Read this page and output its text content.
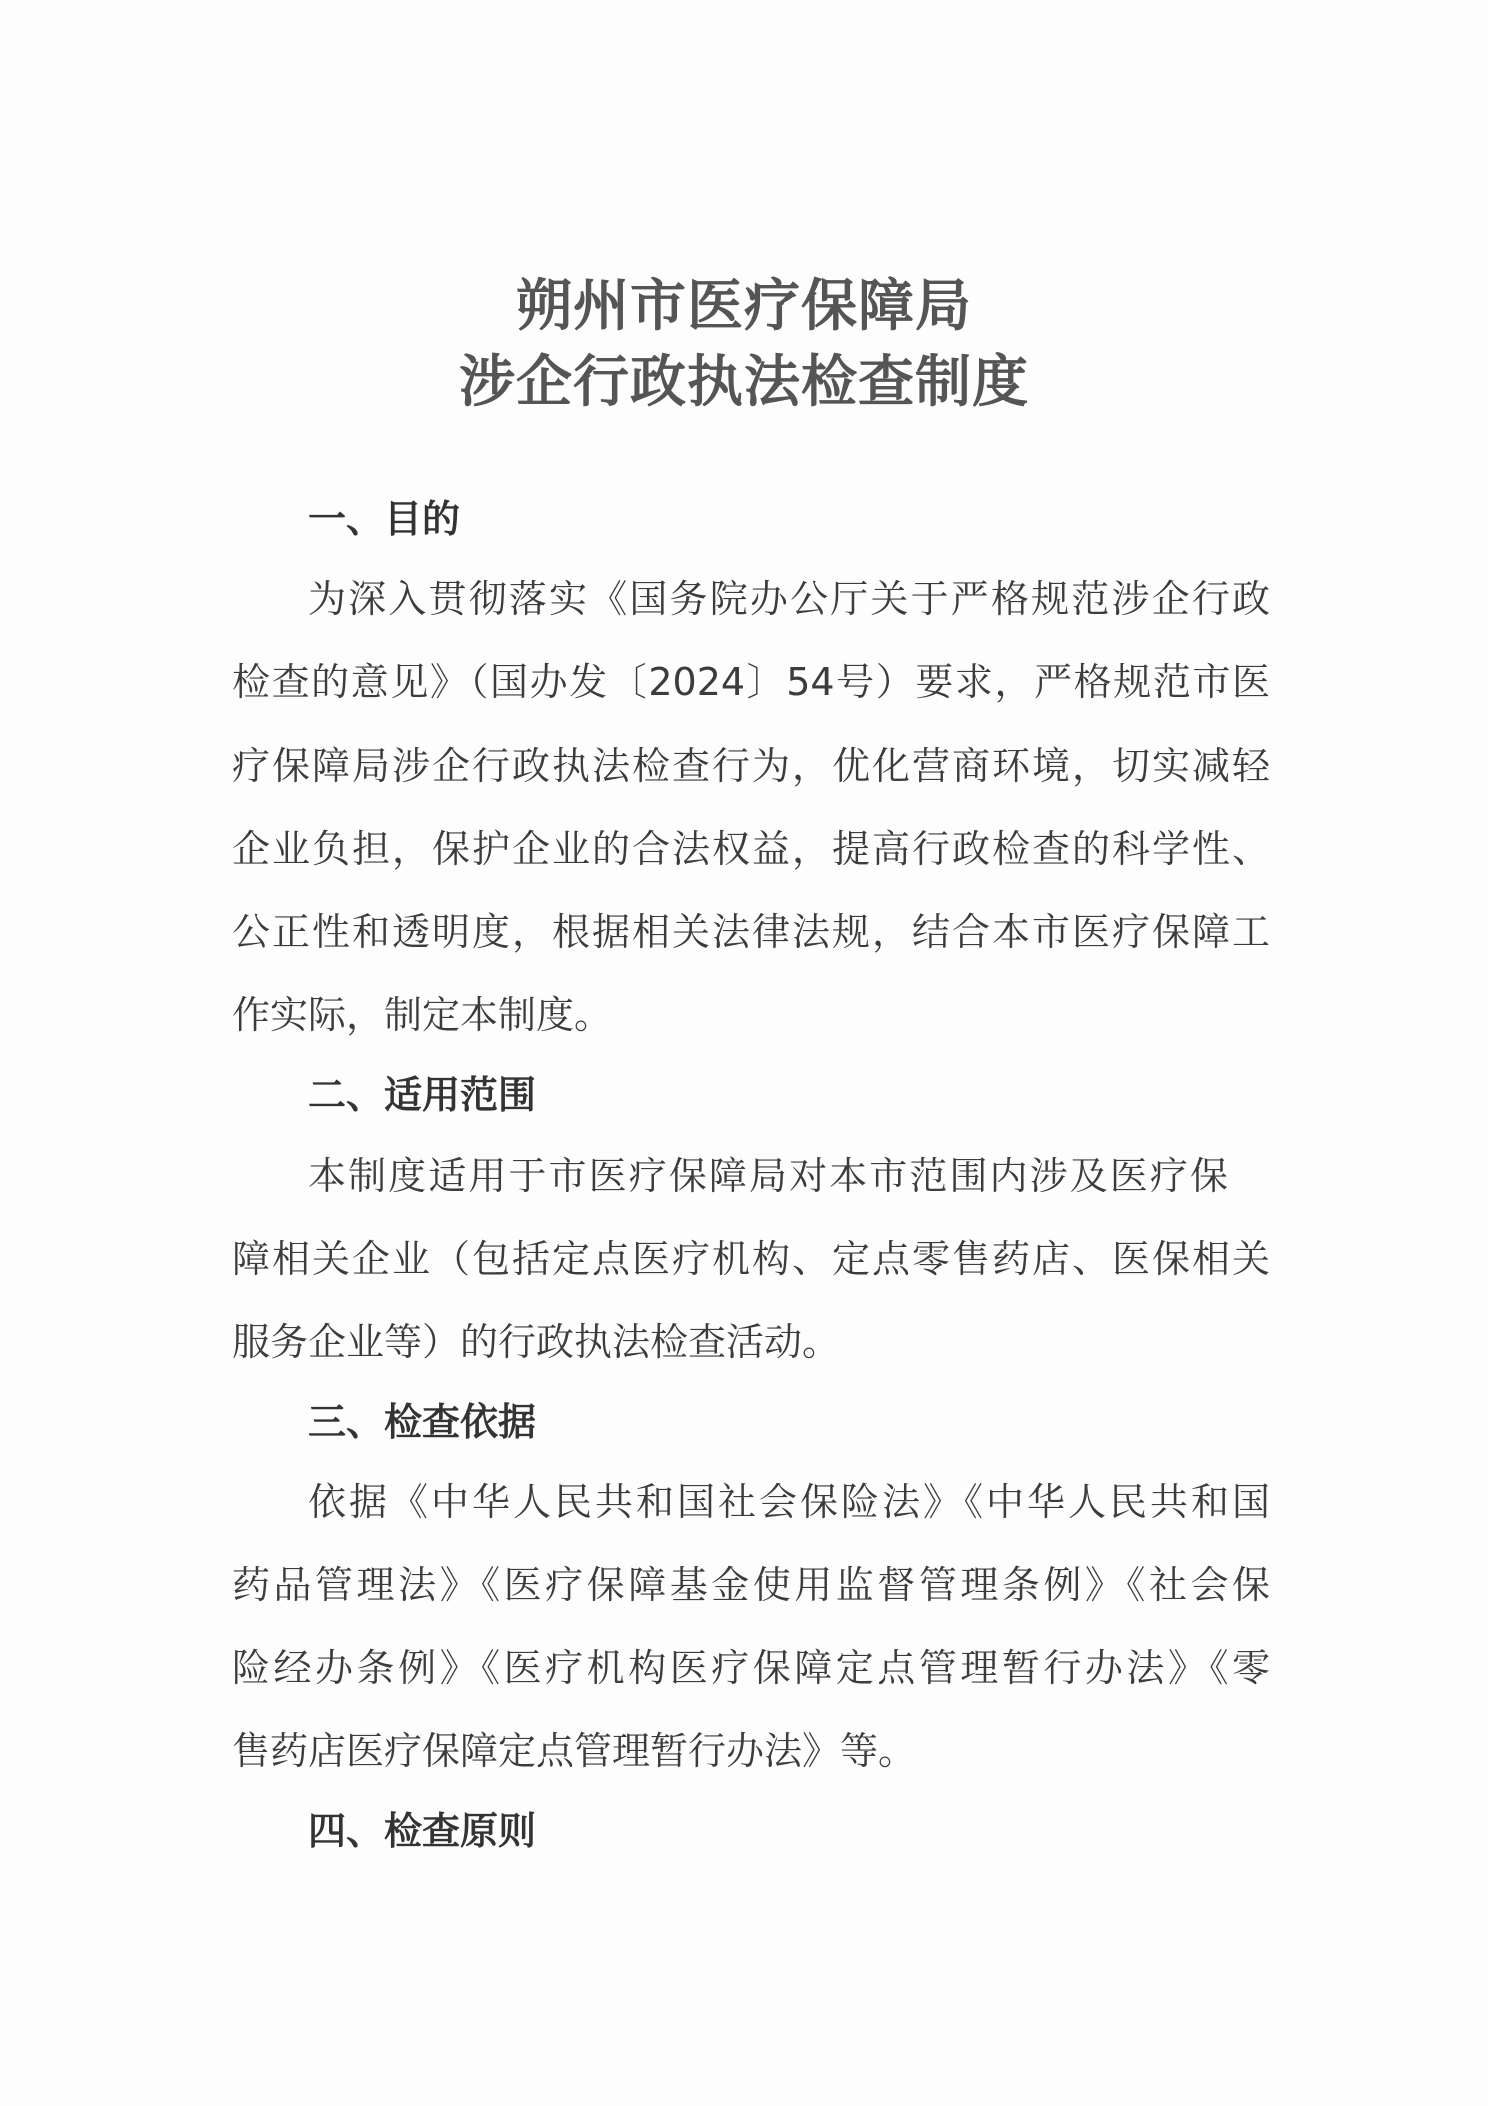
朔州市医疗保障局
涉企行政执法检查制度
一、目的
为深入贯彻落实《国务院办公厅关于严格规范涉企行政
检查的意见》（国办发〔2024〕54号）要求，严格规范市医
疗保障局涉企行政执法检查行为，优化营商环境，切实减轻
企业负担，保护企业的合法权益，提高行政检查的科学性、
公正性和透明度，根据相关法律法规，结合本市医疗保障工
作实际，制定本制度。
二、适用范围
本制度适用于市医疗保障局对本市范围内涉及医疗保
障相关企业（包括定点医疗机构、定点零售药店、医保相关
服务企业等）的行政执法检查活动。
三、检查依据
依据《中华人民共和国社会保险法》《中华人民共和国
药品管理法》《医疗保障基金使用监督管理条例》《社会保
险经办条例》《医疗机构医疗保障定点管理暂行办法》《零
售药店医疗保障定点管理暂行办法》等。
四、检查原则
